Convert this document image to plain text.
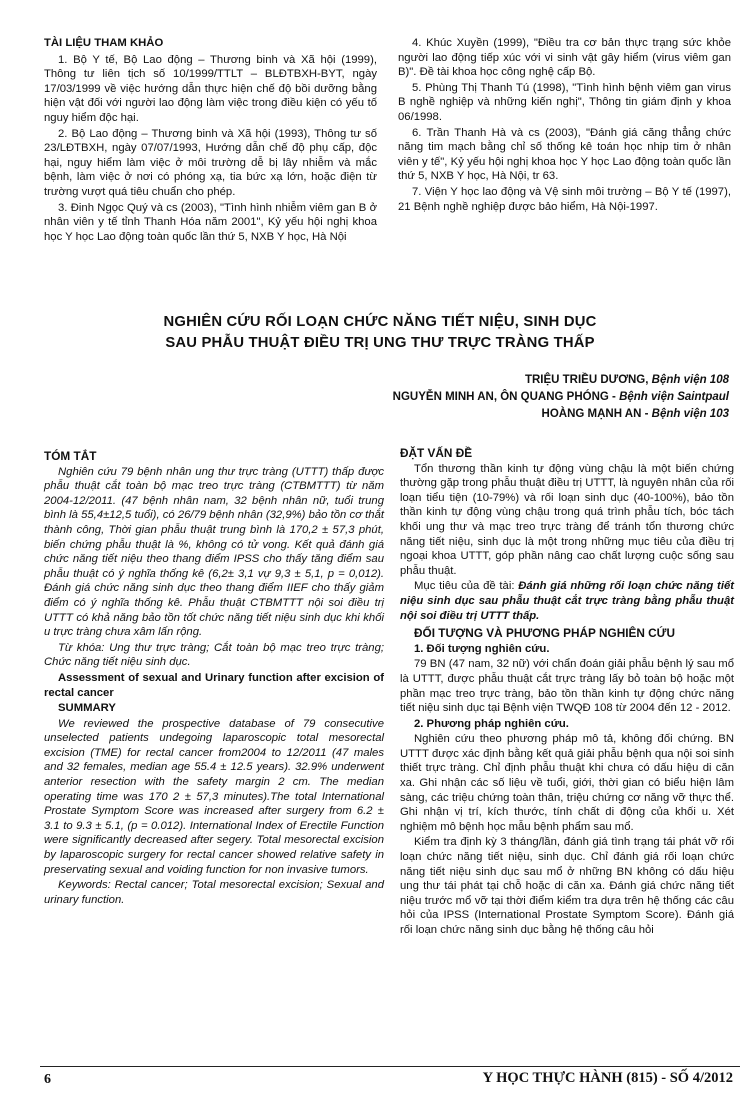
TÀI LIỆU THAM KHẢO

1. Bộ Y tế, Bộ Lao động – Thương binh và Xã hội (1999), Thông tư liên tịch số 10/1999/TTLT – BLĐTBXH-BYT, ngày 17/03/1999 về việc hướng dẫn thực hiện chế độ bồi dưỡng bằng hiện vật đối với người lao động làm việc trong điều kiện có yếu tố nguy hiểm độc hại.

2. Bộ Lao động – Thương binh và Xã hội (1993), Thông tư số 23/LĐTBXH, ngày 07/07/1993, Hướng dẫn chế độ phụ cấp, độc hại, nguy hiểm làm việc ở môi trường dễ bị lây nhiễm và mắc bệnh, làm việc ở nơi có phóng xạ, tia bức xạ lớn, hoặc điện từ trường vượt quá tiêu chuẩn cho phép.

3. Đinh Ngọc Quý và cs (2003), "Tình hình nhiễm viêm gan B ở nhân viên y tế tỉnh Thanh Hóa năm 2001", Kỷ yếu hội nghị khoa học Y học Lao động toàn quốc lần thứ 5, NXB Y học, Hà Nội

4. Khúc Xuyền (1999), "Điều tra cơ bản thực trạng sức khỏe người lao động tiếp xúc với vi sinh vật gây hiểm (virus viêm gan B)". Đề tài khoa học công nghệ cấp Bộ.

5. Phùng Thị Thanh Tú (1998), "Tình hình bệnh viêm gan virus B nghề nghiệp và những kiến nghị", Thông tin giám định y khoa 06/1998.

6. Trần Thanh Hà và cs (2003), "Đánh giá căng thẳng chức năng tim mạch bằng chỉ số thống kê toán học nhịp tim ở nhân viên y tế", Kỷ yếu hội nghị khoa học Y học Lao động toàn quốc lần thứ 5, NXB Y học, Hà Nội, tr 63.

7. Viện Y học lao động và Vệ sinh môi trường – Bộ Y tế (1997), 21 Bệnh nghề nghiệp được bảo hiểm, Hà Nội-1997.

NGHIÊN CỨU RỐI LOẠN CHỨC NĂNG TIẾT NIỆU, SINH DỤC
SAU PHẪU THUẬT ĐIỀU TRỊ UNG THƯ TRỰC TRÀNG THẤP
TRIỆU TRIỀU DƯƠNG, Bệnh viện 108
NGUYỄN MINH AN, ÔN QUANG PHÓNG - Bệnh viện Saintpaul
HOÀNG MẠNH AN - Bệnh viện 103

TÓM TẮT

Nghiên cứu 79 bệnh nhân ung thư trực tràng (UTTT) thấp được phẫu thuật cắt toàn bộ mạc treo trực tràng (CTBMTTT) từ năm 2004-12/2011. (47 bệnh nhân nam, 32 bệnh nhân nữ, tuổi trung bình là 55,4±12,5 tuổi), có 26/79 bệnh nhân (32,9%) bảo tồn cơ thắt thành công, Thời gian phẫu thuật trung bình là 170,2 ± 57,3 phút, biến chứng phẫu thuật là %, không có tử vong. Kết quả đánh giá chức năng tiết niệu theo thang điểm IPSS cho thấy tăng điểm sau phẫu thuật có ý nghĩa thống kê (6,2± 3,1 vự 9,3 ± 5,1, p = 0,012). Đánh giá chức năng sinh dục theo thang điểm IIEF cho thấy giảm điểm có ý nghĩa thống kê. Phẫu thuật CTBMTTT nội soi điều trị UTTT có khả năng bảo tồn tốt chức năng tiết niệu sinh dục khi khối u trực tràng chưa xâm lấn rộng.

Từ khóa: Ung thư trực tràng; Cắt toàn bộ mạc treo trực tràng; Chức năng tiết niệu sinh dục.

Assessment of sexual and Urinary function after excision of rectal cancer

SUMMARY

We reviewed the prospective database of 79 consecutive unselected patients undegoing laparoscopic total mesorectal excision (TME) for rectal cancer from2004 to 12/2011 (47 males and 32 females, median age 55.4 ± 12.5 years). 32.9% underwent anterior resection with the safety margin 2 cm. The median operating time was 170 2 ± 57,3 minutes).The total International Prostate Symptom Score was increased after surgery from 6.2 ± 3.1 to 9.3 ± 5.1, (p = 0.012). International Index of Erectile Function were significantly decreased after segery. Total mesorectal excision by laparoscopic surgery for rectal cancer showed relative safety in preservating sexual and voiding function for non invasive tumors.

Keywords: Rectal cancer; Total mesorectal excision; Sexual and urinary function.

ĐẶT VẤN ĐỀ

Tổn thương thần kinh tự động vùng chậu là một biến chứng thường gặp trong phẫu thuật điều trị UTTT, là nguyên nhân của rối loạn tiểu tiện (10-79%) và rối loạn sinh dục (40-100%), bảo tồn thần kinh tự động vùng chậu trong quá trình phẫu tích, bóc tách khối ung thư và mạc treo trực tràng để tránh tổn thương chức năng tiết niệu, sinh dục là một trong những mục tiêu của điều trị ngoại khoa UTTT, góp phần nâng cao chất lượng cuộc sống sau phẫu thuật.

Mục tiêu của đề tài: Đánh giá những rối loạn chức năng tiết niệu sinh dục sau phẫu thuật cắt trực tràng bằng phẫu thuật nội soi điều trị UTTT thấp.

ĐỐI TƯỢNG VÀ PHƯƠNG PHÁP NGHIÊN CỨU

1. Đối tượng nghiên cứu.

79 BN (47 nam, 32 nữ) với chẩn đoán giải phẫu bệnh lý sau mổ là UTTT, được phẫu thuật cắt trực tràng lấy bỏ toàn bộ hoặc một phần mạc treo trực tràng, bảo tồn thần kinh tự động chức năng tiết niệu sinh dục tại Bệnh viện TWQĐ 108 từ 2004 đến 12 - 2012.

2. Phương pháp nghiên cứu.

Nghiên cứu theo phương pháp mô tả, không đối chứng. BN UTTT được xác định bằng kết quả giải phẫu bệnh qua nội soi sinh thiết trực tràng. Chỉ định phẫu thuật khi chưa có dấu hiệu di căn xa. Ghi nhận các số liệu về tuổi, giới, thời gian có biểu hiện lâm sàng, các triệu chứng toàn thân, triệu chứng cơ năng vỡ thực thể. Ghi nhận vị trí, kích thước, tính chất di động của khối u. Xét nghiệm mô bệnh học mẫu bệnh phẩm sau mổ.

Kiểm tra định kỳ 3 tháng/lần, đánh giá tình trạng tái phát vỡ rối loạn chức năng tiết niệu, sinh dục. Chỉ đánh giá rối loạn chức năng tiết niệu sinh dục sau mổ ở những BN không có dấu hiệu ung thư tái phát tại chỗ hoặc di căn xa. Đánh giá chức năng tiết niệu trước mổ vỡ tại thời điểm kiểm tra dựa trên hệ thống các câu hỏi của IPSS (International Prostate Symptom Score). Đánh giá rối loạn chức năng sinh dục bằng hệ thống câu hỏi

6	Y HỌC THỰC HÀNH (815) - SỐ 4/2012
